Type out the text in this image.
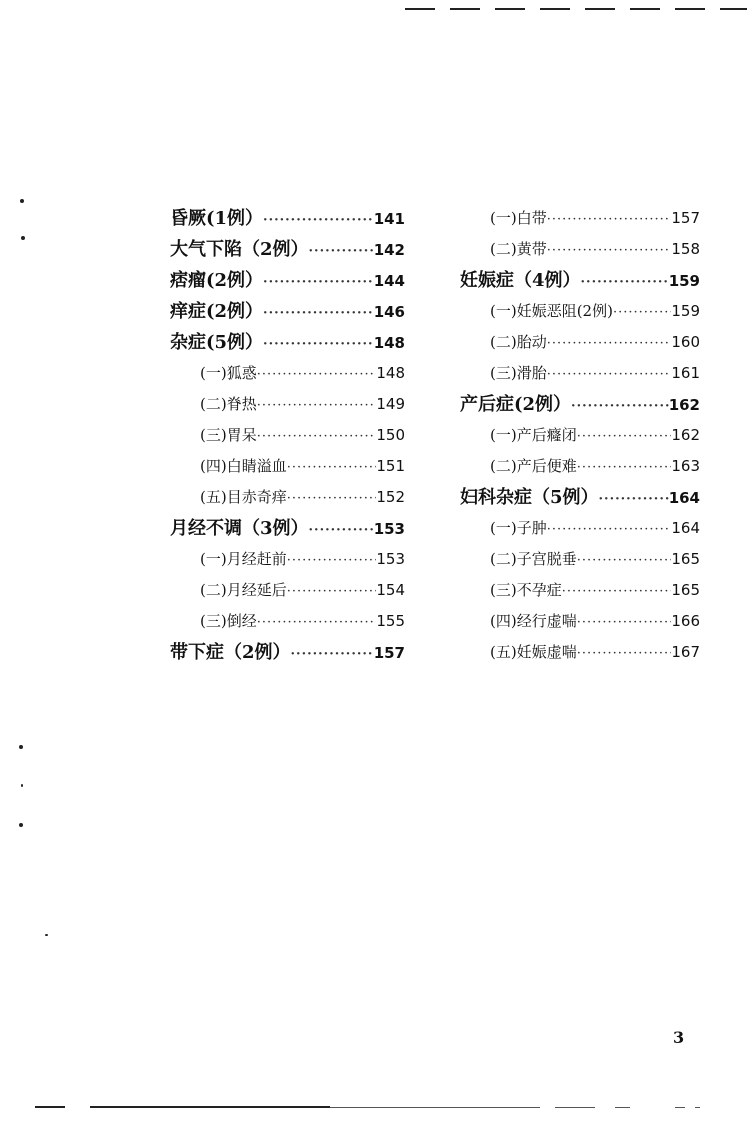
昏厥(1例） ·····	141
大气下陷（2例） ·····	142
痞瘤(2例） ·····	144
痒症(2例） ·····	146
杂症(5例） ·····	148
(一)狐惑 ·····	148
(二)脊热 ·····	149
(三)胃呆 ·····	150
(四)白睛溢血 ·····	151
(五)目赤奇痒 ·····	152
月经不调（3例） ·····	153
(一)月经赶前 ·····	153
(二)月经延后 ·····	154
(三)倒经 ·····	155
带下症（2例） ·····	157
(一)白带 ·····	157
(二)黄带 ·····	158
妊娠症（4例） ·····	159
(一)妊娠恶阻(2例) ·····	159
(二)胎动 ·····	160
(三)滑胎 ·····	161
产后症(2例） ·····	162
(一)产后癃闭 ·····	162
(二)产后便难 ·····	163
妇科杂症（5例） ·····	164
(一)子肿 ·····	164
(二)子宫脱垂 ·····	165
(三)不孕症 ·····	165
(四)经行虚喘 ·····	166
(五)妊娠虚喘 ·····	167
3
